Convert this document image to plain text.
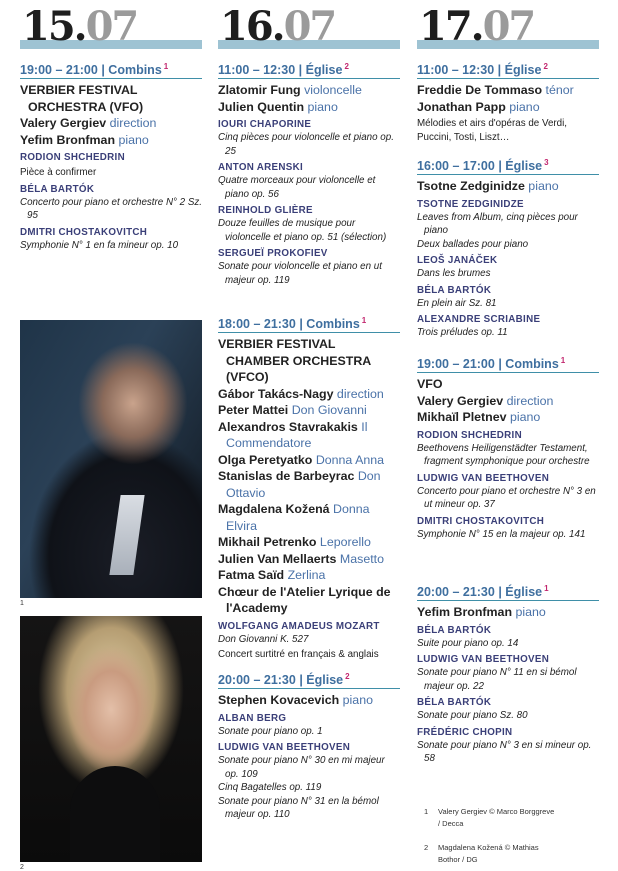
15.07
19:00 – 21:00 | Combins $^1$
VERBIER FESTIVAL ORCHESTRA (VFO)
Valery Gergiev direction
Yefim Bronfman piano
RODION SHCHEDRIN
Pièce à confirmer
BÉLA BARTÓK
Concerto pour piano et orchestre N° 2 Sz. 95
DMITRI CHOSTAKOVITCH
Symphonie N° 1 en fa mineur op. 10
16.07
11:00 – 12:30 | Église $^2$
Zlatomir Fung violoncelle
Julien Quentin piano
IOURI CHAPORINE
Cinq pièces pour violoncelle et piano op. 25
ANTON ARENSKI
Quatre morceaux pour violoncelle et piano op. 56
REINHOLD GLIÈRE
Douze feuilles de musique pour violoncelle et piano op. 51 (sélection)
SERGUEÏ PROKOFIEV
Sonate pour violoncelle et piano en ut majeur op. 119
18:00 – 21:30 | Combins $^1$
VERBIER FESTIVAL CHAMBER ORCHESTRA (VFCO)
Gábor Takács-Nagy direction
Peter Mattei Don Giovanni
Alexandros Stavrakakis Il Commendatore
Olga Peretyatko Donna Anna
Stanislas de Barbeyrac Don Ottavio
Magdalena Kožená Donna Elvira
Mikhail Petrenko Leporello
Julien Van Mellaerts Masetto
Fatma Saïd Zerlina
Chœur de l'Atelier Lyrique de l'Academy
WOLFGANG AMADEUS MOZART
Don Giovanni K. 527
Concert surtitré en français & anglais
20:00 – 21:30 | Église $^2$
Stephen Kovacevich piano
ALBAN BERG
Sonate pour piano op. 1
LUDWIG VAN BEETHOVEN
Sonate pour piano N° 30 en mi majeur op. 109
Cinq Bagatelles op. 119
Sonate pour piano N° 31 en la bémol majeur op. 110
17.07
11:00 – 12:30 | Église $^2$
Freddie De Tommaso ténor
Jonathan Papp piano
Mélodies et airs d'opéras de Verdi, Puccini, Tosti, Liszt…
16:00 – 17:00 | Église $^3$
Tsotne Zedginidze piano
TSOTNE ZEDGINIDZE
Leaves from Album, cinq pièces pour piano
Deux ballades pour piano
LEOŠ JANÁČEK
Dans les brumes
BÉLA BARTÓK
En plein air Sz. 81
ALEXANDRE SCRIABINE
Trois préludes op. 11
19:00 – 21:00 | Combins $^1$
VFO
Valery Gergiev direction
Mikhaïl Pletnev piano
RODION SHCHEDRIN
Beethovens Heiligenstädter Testament, fragment symphonique pour orchestre
LUDWIG VAN BEETHOVEN
Concerto pour piano et orchestre N° 3 en ut mineur op. 37
DMITRI CHOSTAKOVITCH
Symphonie N° 15 en la majeur op. 141
20:00 – 21:30 | Église $^1$
Yefim Bronfman piano
BÉLA BARTÓK
Suite pour piano op. 14
LUDWIG VAN BEETHOVEN
Sonate pour piano N° 11 en si bémol majeur op. 22
BÉLA BARTÓK
Sonate pour piano Sz. 80
FRÉDÉRIC CHOPIN
Sonate pour piano N° 3 en si mineur op. 58
1
2
1 Valery Gergiev © Marco Borggreve / Decca
2 Magdalena Kožená © Mathias Bothor / DG
